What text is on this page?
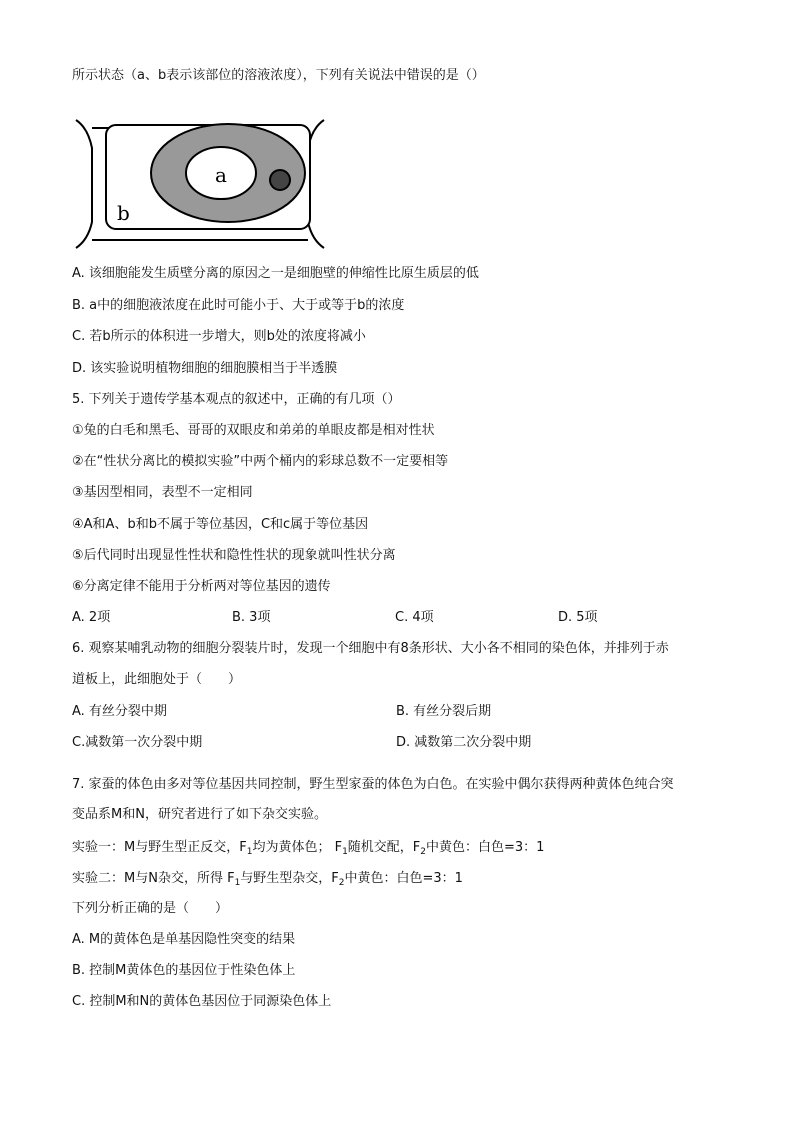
所示状态（a、b表示该部位的溶液浓度），下列有关说法中错误的是（）
a
b
A. 该细胞能发生质壁分离的原因之一是细胞壁的伸缩性比原生质层的低
B. a中的细胞液浓度在此时可能小于、大于或等于b的浓度
C. 若b所示的体积进一步增大，则b处的浓度将减小
D. 该实验说明植物细胞的细胞膜相当于半透膜
5. 下列关于遗传学基本观点的叙述中，正确的有几项（）
①兔的白毛和黑毛、哥哥的双眼皮和弟弟的单眼皮都是相对性状
②在“性状分离比的模拟实验”中两个桶内的彩球总数不一定要相等
③基因型相同，表型不一定相同
④A和A、b和b不属于等位基因，C和c属于等位基因
⑤后代同时出现显性性状和隐性性状的现象就叫性状分离
⑥分离定律不能用于分析两对等位基因的遗传
A. 2项	B. 3项	C. 4项	D. 5项
6. 观察某哺乳动物的细胞分裂装片时，发现一个细胞中有8条形状、大小各不相同的染色体，并排列于赤
道板上，此细胞处于（　　）
A. 有丝分裂中期	B. 有丝分裂后期
C.减数第一次分裂中期	D. 减数第二次分裂中期
7. 家蚕的体色由多对等位基因共同控制，野生型家蚕的体色为白色。在实验中偶尔获得两种黄体色纯合突
变品系M和N，研究者进行了如下杂交实验。
实验一：M与野生型正反交，$F_1$均为黄体色； $F_1$随机交配，$F_2$中黄色：白色=3：1
实验二：M与N杂交，所得 $F_1$与野生型杂交，$F_2$中黄色：白色=3：1
下列分析正确的是（　　）
A. M的黄体色是单基因隐性突变的结果
B. 控制M黄体色的基因位于性染色体上
C. 控制M和N的黄体色基因位于同源染色体上
